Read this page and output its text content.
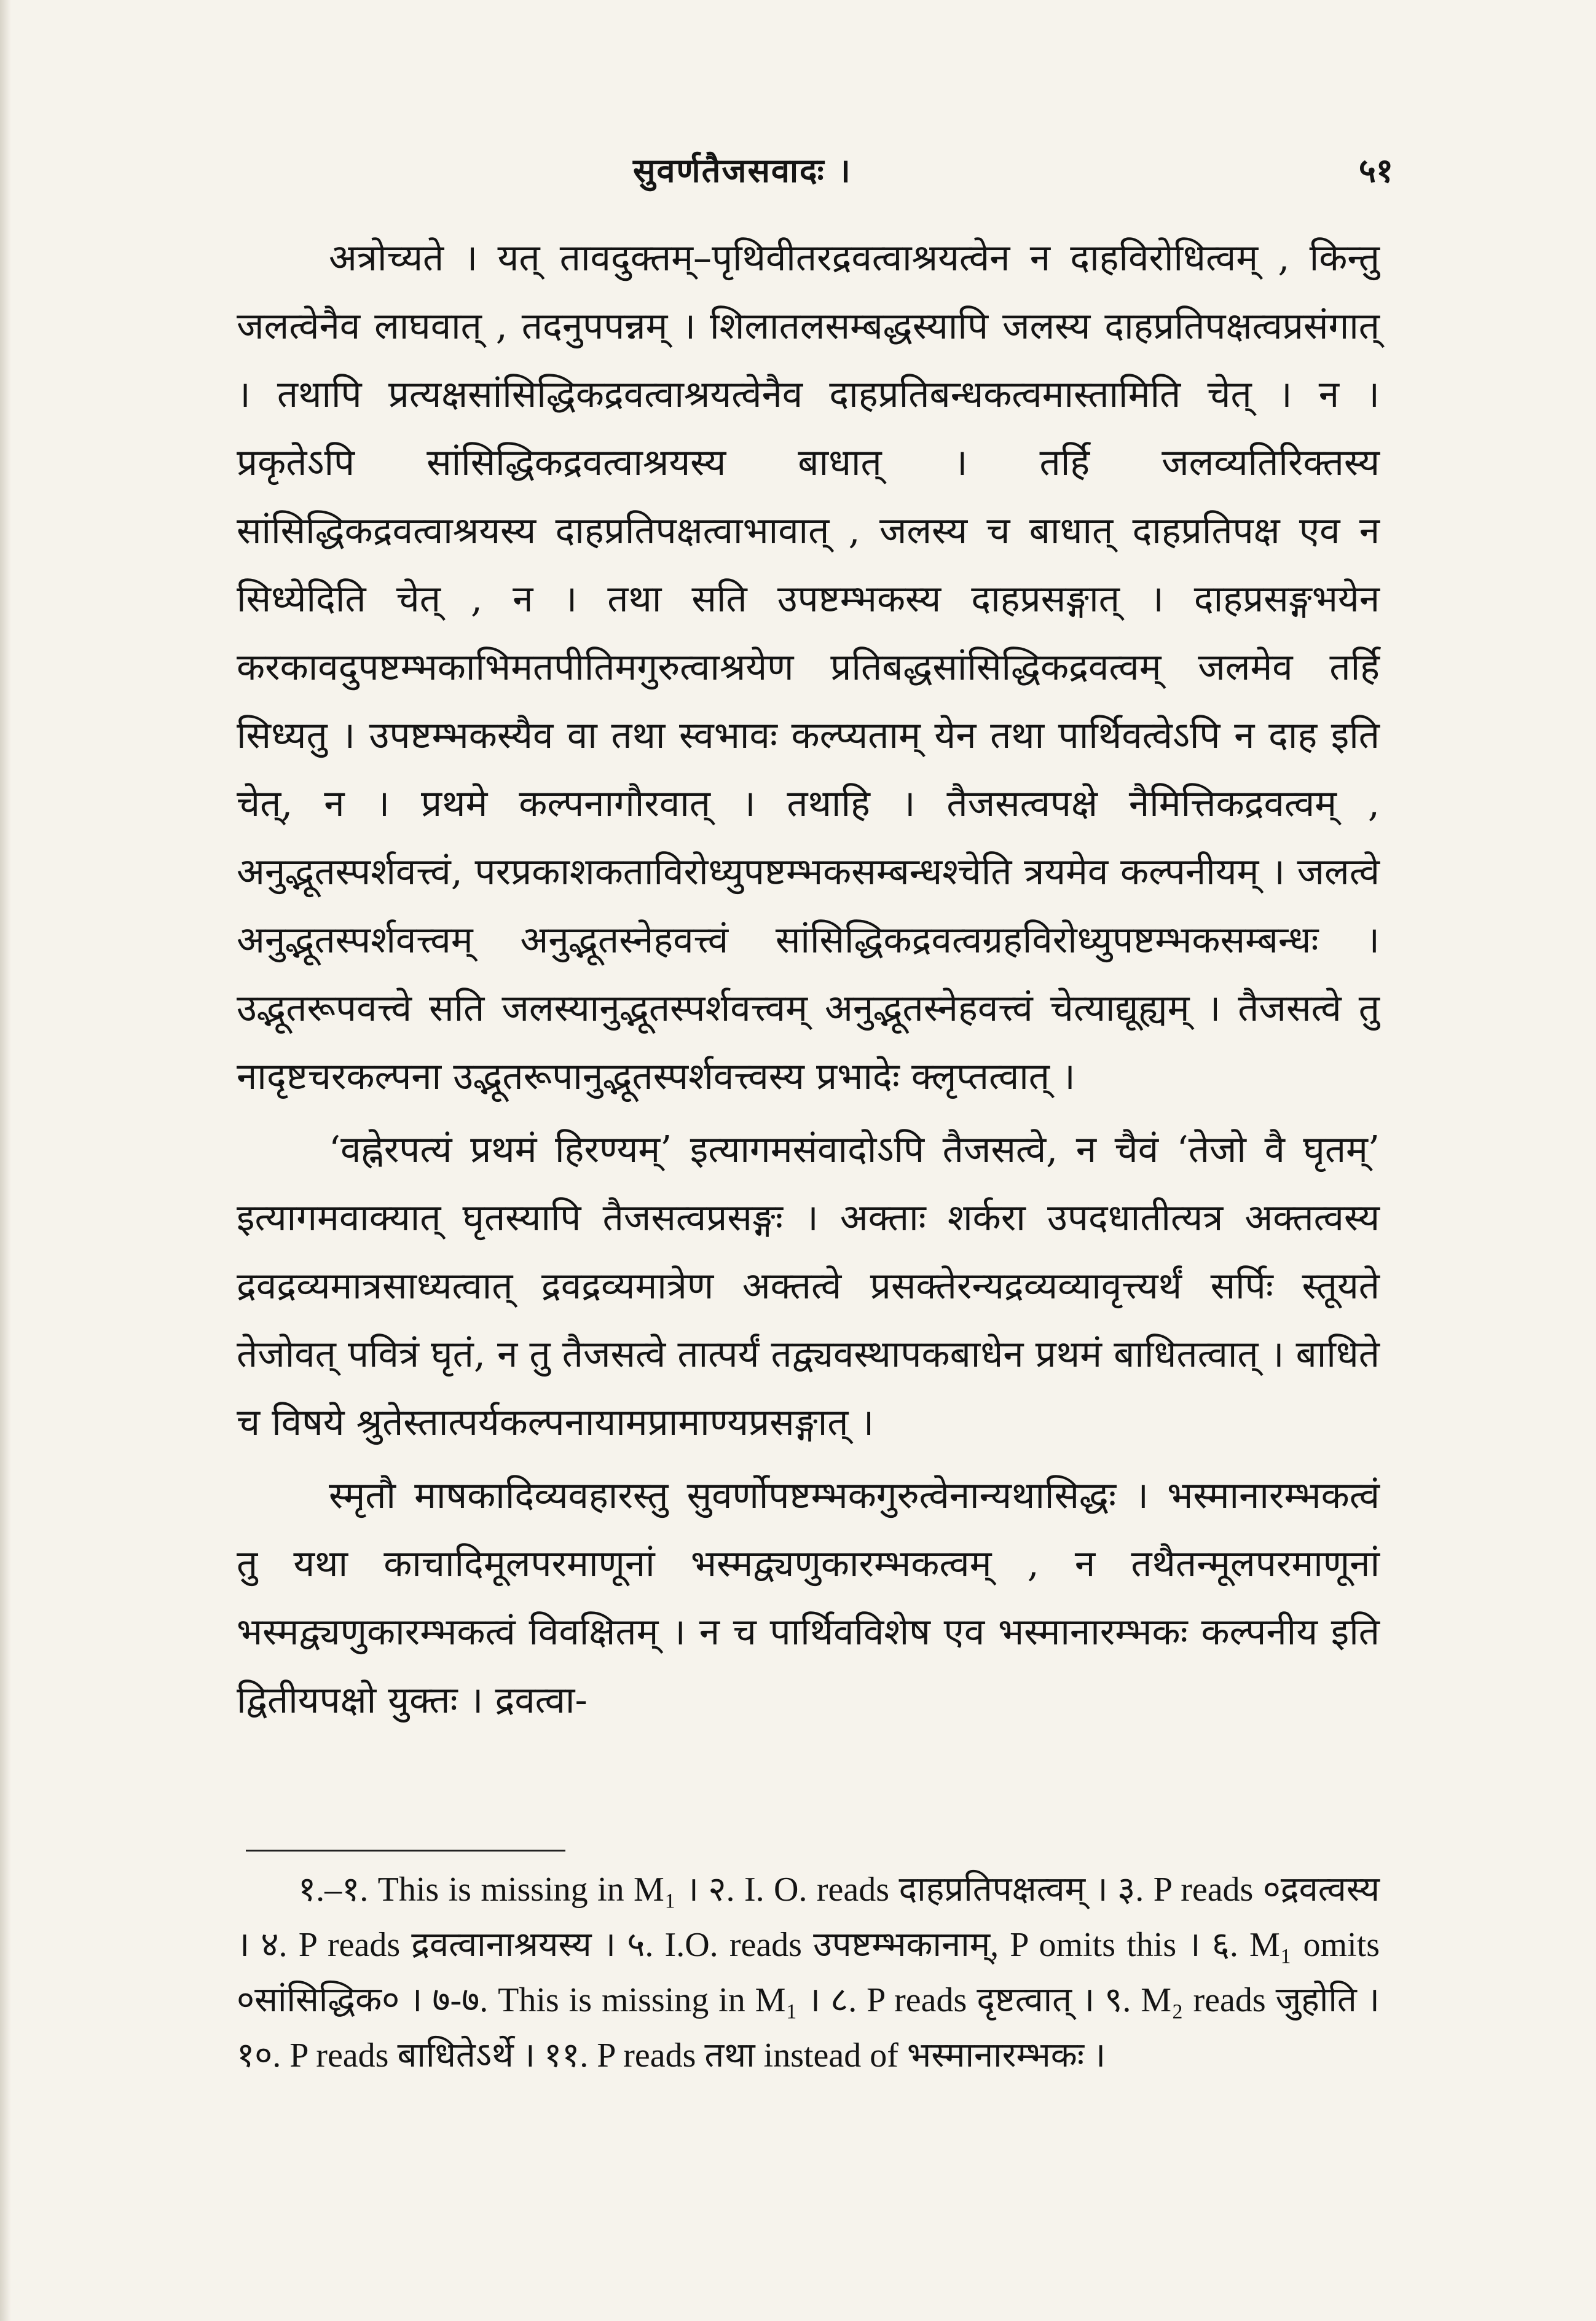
सुवर्णतैजसवादः ।	५१

अत्रोच्यते । यत् तावदुक्तम्–पृथिवीतरद्रवत्वाश्रयत्वेन न दाहविरोधित्वम् , किन्तु जलत्वेनैव लाघवात् , तदनुपपन्नम् । शिलातलसम्बद्धस्यापि जलस्य दाहप्रतिपक्षत्वप्रसंगात् । तथापि प्रत्यक्षसांसिद्धिकद्रवत्वाश्रयत्वेनैव दाहप्रतिबन्धकत्वमास्तामिति चेत् । न । प्रकृतेऽपि सांसिद्धिकद्रवत्वाश्रयस्य बाधात् । तर्हि जलव्यतिरिक्तस्य सांसिद्धिकद्रवत्वाश्रयस्य दाहप्रतिपक्षत्वाभावात् , जलस्य च बाधात् दाहप्रतिपक्ष एव न सिध्येदिति चेत् , न । तथा सति उपष्टम्भकस्य दाहप्रसङ्गात् । दाहप्रसङ्गभयेन करकावदुपष्टम्भकाभिमतपीतिमगुरुत्वाश्रयेण प्रतिबद्धसांसिद्धिकद्रवत्वम् जलमेव तर्हि सिध्यतु । उपष्टम्भकस्यैव वा तथा स्वभावः कल्प्यताम् येन तथा पार्थिवत्वेऽपि न दाह इति चेत्, न । प्रथमे कल्पनागौरवात् । तथाहि । तैजसत्वपक्षे नैमित्तिकद्रवत्वम् , अनुद्भूतस्पर्शवत्त्वं, परप्रकाशकताविरोध्युपष्टम्भकसम्बन्धश्चेति त्रयमेव कल्पनीयम् । जलत्वे अनुद्भूतस्पर्शवत्त्वम् अनुद्भूतस्नेहवत्त्वं सांसिद्धिकद्रवत्वग्रहविरोध्युपष्टम्भकसम्बन्धः । उद्भूतरूपवत्त्वे सति जलस्यानुद्भूतस्पर्शवत्त्वम् अनुद्भूतस्नेहवत्त्वं चेत्याद्यूह्यम् । तैजसत्वे तु नादृष्टचरकल्पना उद्भूतरूपानुद्भूतस्पर्शवत्त्वस्य प्रभादेः क्लृप्तत्वात् ।

‘वह्नेरपत्यं प्रथमं हिरण्यम्’ इत्यागमसंवादोऽपि तैजसत्वे, न चैवं ‘तेजो वै घृतम्’ इत्यागमवाक्यात् घृतस्यापि तैजसत्वप्रसङ्गः । अक्ताः शर्करा उपदधातीत्यत्र अक्तत्वस्य द्रवद्रव्यमात्रसाध्यत्वात् द्रवद्रव्यमात्रेण अक्तत्वे प्रसक्तेरन्यद्रव्यव्यावृत्त्यर्थं सर्पिः स्तूयते तेजोवत् पवित्रं घृतं, न तु तैजसत्वे तात्पर्यं तद्व्यवस्थापकबाधेन प्रथमं बाधितत्वात् । बाधिते च विषये श्रुतेस्तात्पर्यकल्पनायामप्रामाण्यप्रसङ्गात् ।

स्मृतौ माषकादिव्यवहारस्तु सुवर्णोपष्टम्भकगुरुत्वेनान्यथासिद्धः । भस्मानारम्भकत्वं तु यथा काचादिमूलपरमाणूनां भस्मद्व्यणुकारम्भकत्वम् , न तथैतन्मूलपरमाणूनां भस्मद्व्यणुकारम्भकत्वं विवक्षितम् । न च पार्थिवविशेष एव भस्मानारम्भकः कल्पनीय इति द्वितीयपक्षो युक्तः । द्रवत्वा-

१.–१. This is missing in M₁ । २. I. O. reads दाहप्रतिपक्षत्वम् । ३. P reads ०द्रवत्वस्य । ४. P reads द्रवत्वानाश्रयस्य । ५. I.O. reads उपष्टम्भकानाम्, P omits this । ६. M₁ omits ०सांसिद्धिक० । ७-७. This is missing in M₁ । ८. P reads दृष्टत्वात् । ९. M₂ reads जुहोति । १०. P reads बाधितेऽर्थे । ११. P reads तथा instead of भस्मानारम्भकः ।
